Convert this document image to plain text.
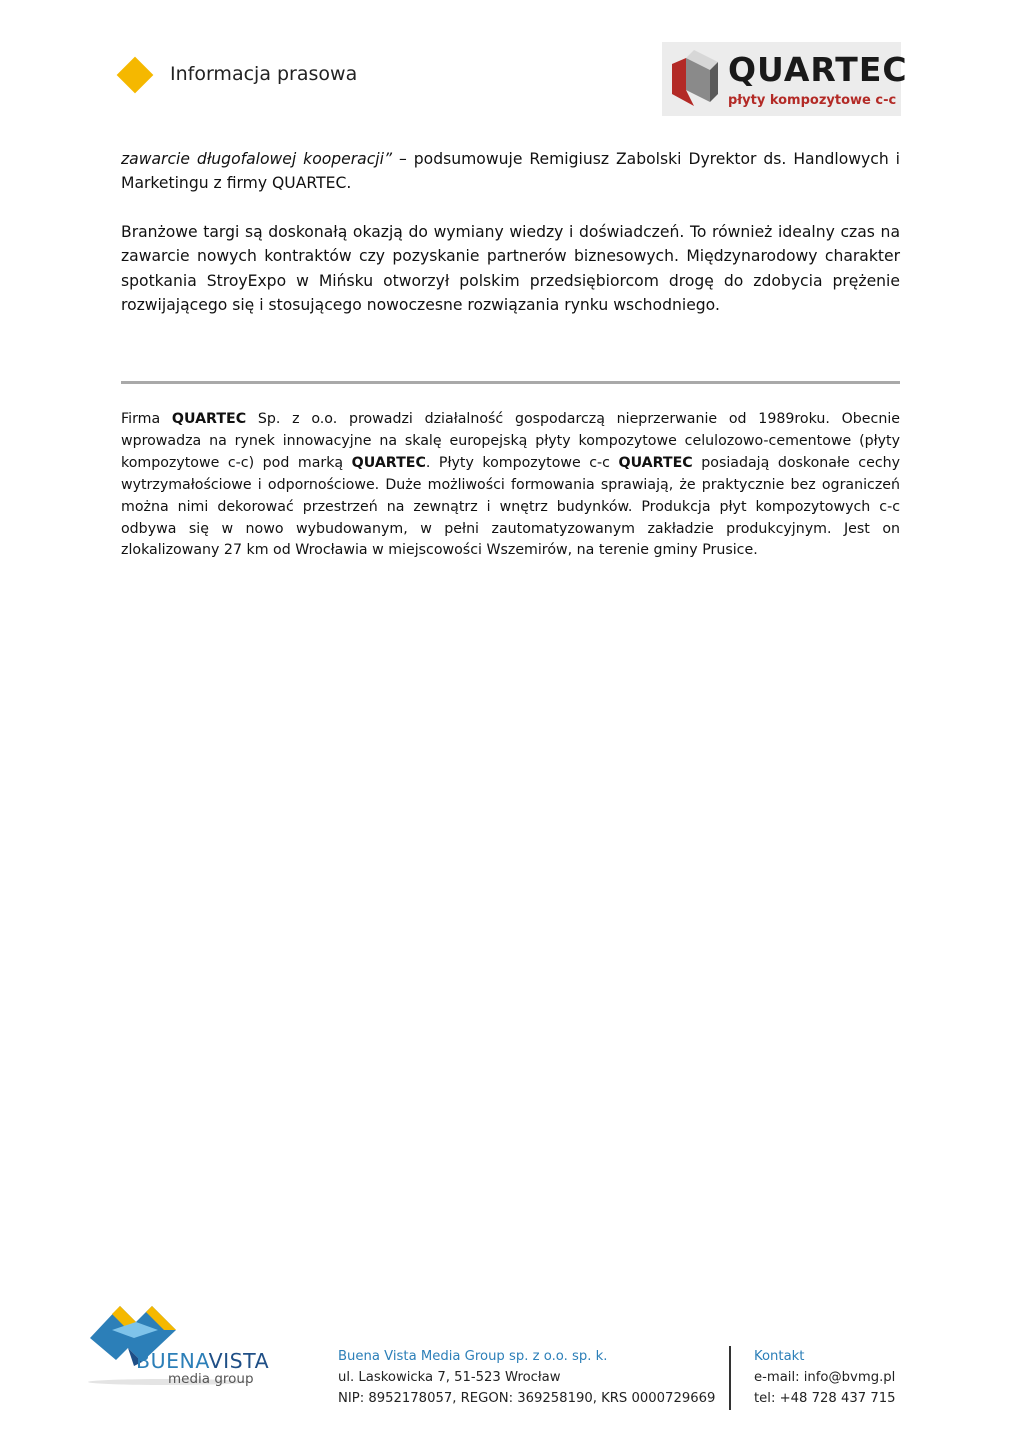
Informacja prasowa	QUARTEC
płyty kompozytowe c-c
zawarcie długofalowej kooperacji” – podsumowuje Remigiusz Zabolski Dyrektor ds. Handlowych i Marketingu z firmy QUARTEC.
Branżowe targi są doskonałą okazją do wymiany wiedzy i doświadczeń. To również idealny czas na zawarcie nowych kontraktów czy pozyskanie partnerów biznesowych. Międzynarodowy charakter spotkania StroyExpo w Mińsku otworzył polskim przedsiębiorcom drogę do zdobycia prężenie rozwijającego się i stosującego nowoczesne rozwiązania rynku wschodniego.
Firma QUARTEC Sp. z o.o. prowadzi działalność gospodarczą nieprzerwanie od 1989roku. Obecnie wprowadza na rynek innowacyjne na skalę europejską płyty kompozytowe celulozowo-cementowe (płyty kompozytowe c-c) pod marką QUARTEC. Płyty kompozytowe c-c QUARTEC posiadają doskonałe cechy wytrzymałościowe i odpornościowe. Duże możliwości formowania sprawiają, że praktycznie bez ograniczeń można nimi dekorować przestrzeń na zewnątrz i wnętrz budynków. Produkcja płyt kompozytowych c-c odbywa się w nowo wybudowanym, w pełni zautomatyzowanym zakładzie produkcyjnym. Jest on zlokalizowany 27 km od Wrocławia w miejscowości Wszemirów, na terenie gminy Prusice.
BUENAVISTA
media group
Buena Vista Media Group sp. z o.o. sp. k.
ul. Laskowicka 7, 51-523 Wrocław
NIP: 8952178057, REGON: 369258190, KRS 0000729669
Kontakt
e-mail: info@bvmg.pl
tel: +48 728 437 715
